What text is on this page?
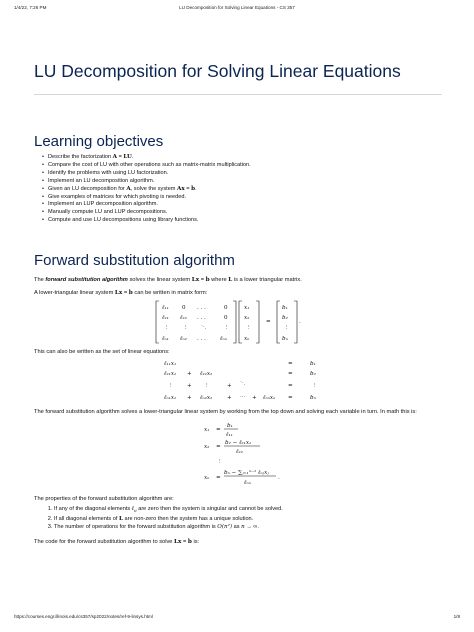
1/4/22, 7:26 PM	LU Decomposition for Solving Linear Equations - CS 357
LU Decomposition for Solving Linear Equations
Learning objectives
• Describe the factorization A = LU.
• Compare the cost of LU with other operations such as matrix-matrix multiplication.
• Identify the problems with using LU factorization.
• Implement an LU decomposition algorithm.
• Given an LU decomposition for A, solve the system Ax = b.
• Give examples of matrices for which pivoting is needed.
• Implement an LUP decomposition algorithm.
• Manually compute LU and LUP decompositions.
• Compute and use LU decompositions using library functions.
Forward substitution algorithm

The forward substitution algorithm solves the linear system Lx = b where L is a lower triangular matrix.

A lower-triangular linear system Lx = b can be written in matrix form:

ℓ₁₁ 0 . . .	0
ℓ₂₁ ℓ₂₂ . . .	0
⋮ ⋮ ⋱	⋮
ℓₙ₁ ℓₙ₂ . . .	ℓₙₙ
x₁
x₂
⋮
xₙ
=
b₁
b₂
⋮
bₙ
.

This can also be written as the set of linear equations:

ℓ₁₁x₁	=	b₁
ℓ₂₁x₁ + ℓ₂₂x₂	=	b₂
⋮ + ⋮	+ ⋱	=	⋮
ℓₙ₁x₁ + ℓₙ₂x₂	+ ⋯ + ℓₙₙxₙ =	bₙ

The forward substitution algorithm solves a lower-triangular linear system by working from the top down and solving each variable in turn. In math this is:

x₁ =
b₁
ℓ₁₁
x₂ =
b₂ − ℓ₂₁x₁
ℓ₂₂
⋮
xₙ =
bₙ − ∑ⱼ₌₁ⁿ⁻¹ ℓₙⱼxⱼ
ℓₙₙ
.

The properties of the forward substitution algorithm are:

1. If any of the diagonal elements ℓ$_{ii}$ are zero then the system is singular and cannot be solved.
2. If all diagonal elements of L are non-zero then the system has a unique solution.
3. The number of operations for the forward substitution algorithm is O(n²) as n → ∞.

The code for the forward substitution algorithm to solve Lx = b is:

https://courses.engr.illinois.edu/cs357/sp2022/notes/ref-9-linsys.html	1/8
